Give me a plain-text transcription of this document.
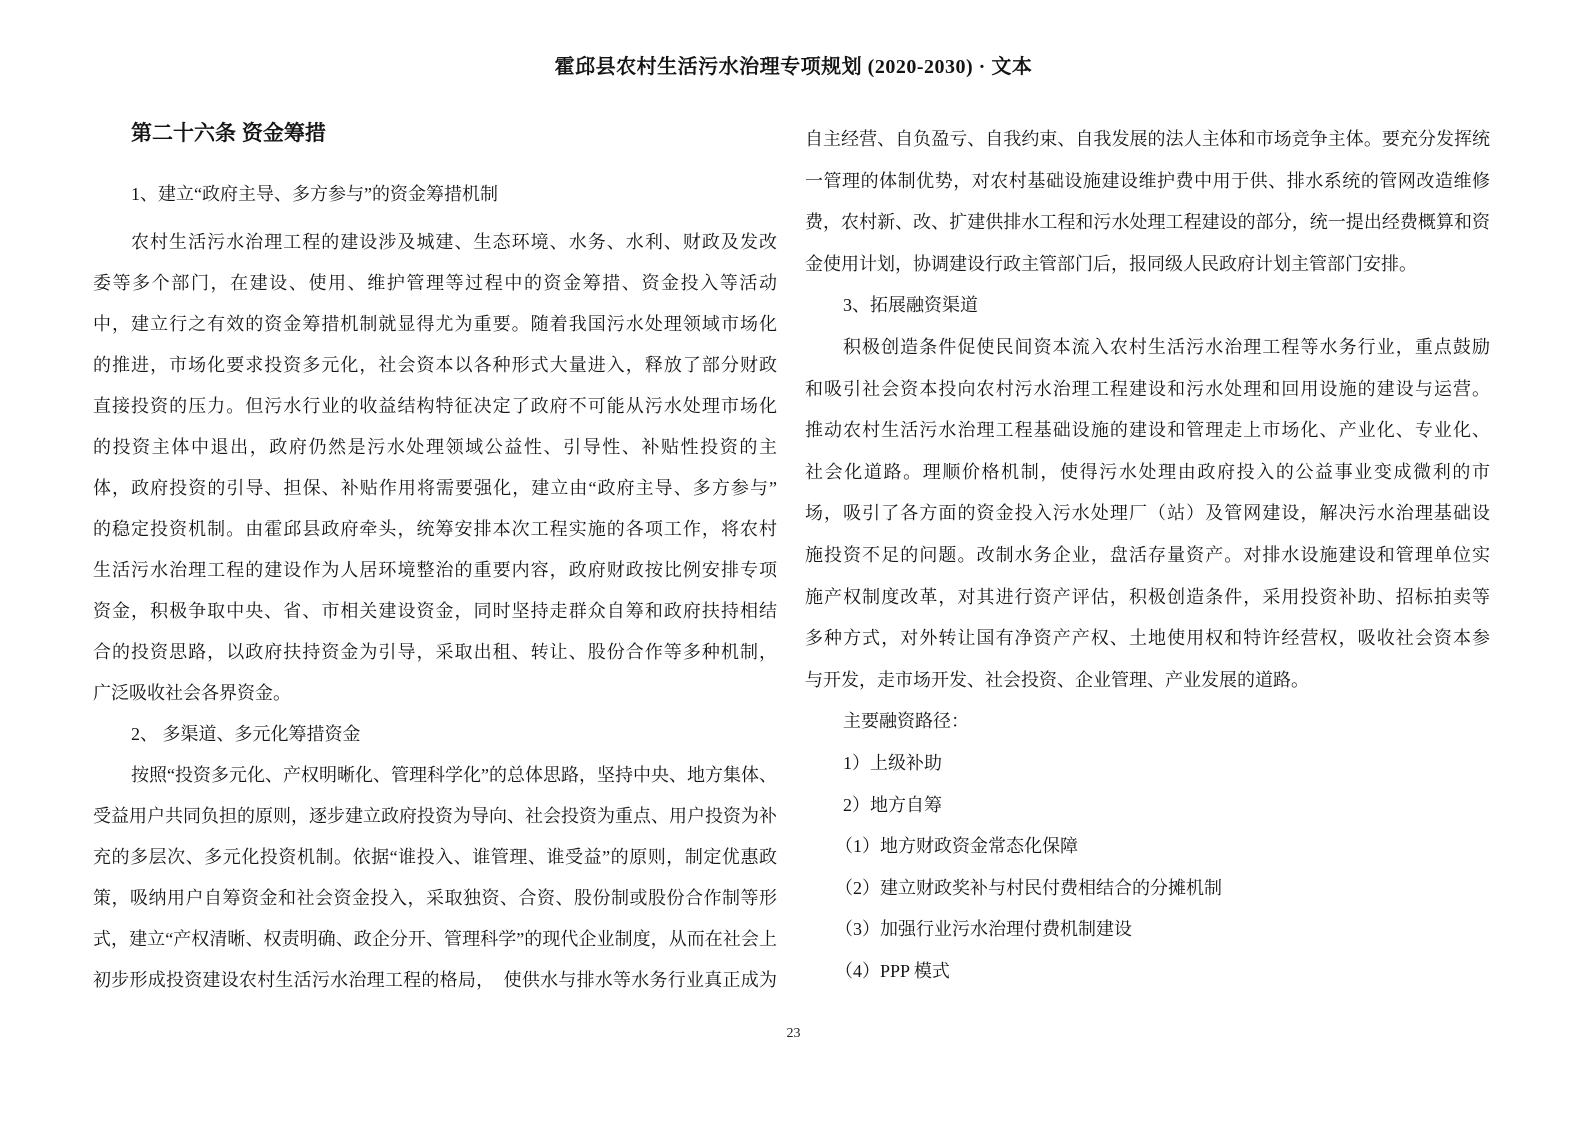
霍邱县农村生活污水治理专项规划 (2020-2030) · 文本
第二十六条 资金筹措
1、建立“政府主导、多方参与”的资金筹措机制
农村生活污水治理工程的建设涉及城建、生态环境、水务、水利、财政及发改
委等多个部门，在建设、使用、维护管理等过程中的资金筹措、资金投入等活动
中，建立行之有效的资金筹措机制就显得尤为重要。随着我国污水处理领域市场化
的推进，市场化要求投资多元化，社会资本以各种形式大量进入，释放了部分财政
直接投资的压力。但污水行业的收益结构特征决定了政府不可能从污水处理市场化
的投资主体中退出，政府仍然是污水处理领域公益性、引导性、补贴性投资的主
体，政府投资的引导、担保、补贴作用将需要强化，建立由“政府主导、多方参与”
的稳定投资机制。由霍邱县政府牵头，统筹安排本次工程实施的各项工作，将农村
生活污水治理工程的建设作为人居环境整治的重要内容，政府财政按比例安排专项
资金，积极争取中央、省、市相关建设资金，同时坚持走群众自筹和政府扶持相结
合的投资思路，以政府扶持资金为引导，采取出租、转让、股份合作等多种机制，
广泛吸收社会各界资金。
2、 多渠道、多元化筹措资金
按照“投资多元化、产权明晰化、管理科学化”的总体思路，坚持中央、地方集体、
受益用户共同负担的原则，逐步建立政府投资为导向、社会投资为重点、用户投资为补
充的多层次、多元化投资机制。依据“谁投入、谁管理、谁受益”的原则，制定优惠政
策，吸纳用户自筹资金和社会资金投入，采取独资、合资、股份制或股份合作制等形
式，建立“产权清晰、权责明确、政企分开、管理科学”的现代企业制度，从而在社会上
初步形成投资建设农村生活污水治理工程的格局，　使供水与排水等水务行业真正成为
自主经营、自负盈亏、自我约束、自我发展的法人主体和市场竞争主体。要充分发挥统
一管理的体制优势，对农村基础设施建设维护费中用于供、排水系统的管网改造维修
费，农村新、改、扩建供排水工程和污水处理工程建设的部分，统一提出经费概算和资
金使用计划，协调建设行政主管部门后，报同级人民政府计划主管部门安排。
3、拓展融资渠道
积极创造条件促使民间资本流入农村生活污水治理工程等水务行业，重点鼓励
和吸引社会资本投向农村污水治理工程建设和污水处理和回用设施的建设与运营。
推动农村生活污水治理工程基础设施的建设和管理走上市场化、产业化、专业化、
社会化道路。理顺价格机制，使得污水处理由政府投入的公益事业变成微利的市
场，吸引了各方面的资金投入污水处理厂（站）及管网建设，解决污水治理基础设
施投资不足的问题。改制水务企业，盘活存量资产。对排水设施建设和管理单位实
施产权制度改革，对其进行资产评估，积极创造条件，采用投资补助、招标拍卖等
多种方式，对外转让国有净资产产权、土地使用权和特许经营权，吸收社会资本参
与开发，走市场开发、社会投资、企业管理、产业发展的道路。
主要融资路径：
1）上级补助
2）地方自筹
（1）地方财政资金常态化保障
（2）建立财政奖补与村民付费相结合的分摊机制
（3）加强行业污水治理付费机制建设
（4）PPP 模式
23
